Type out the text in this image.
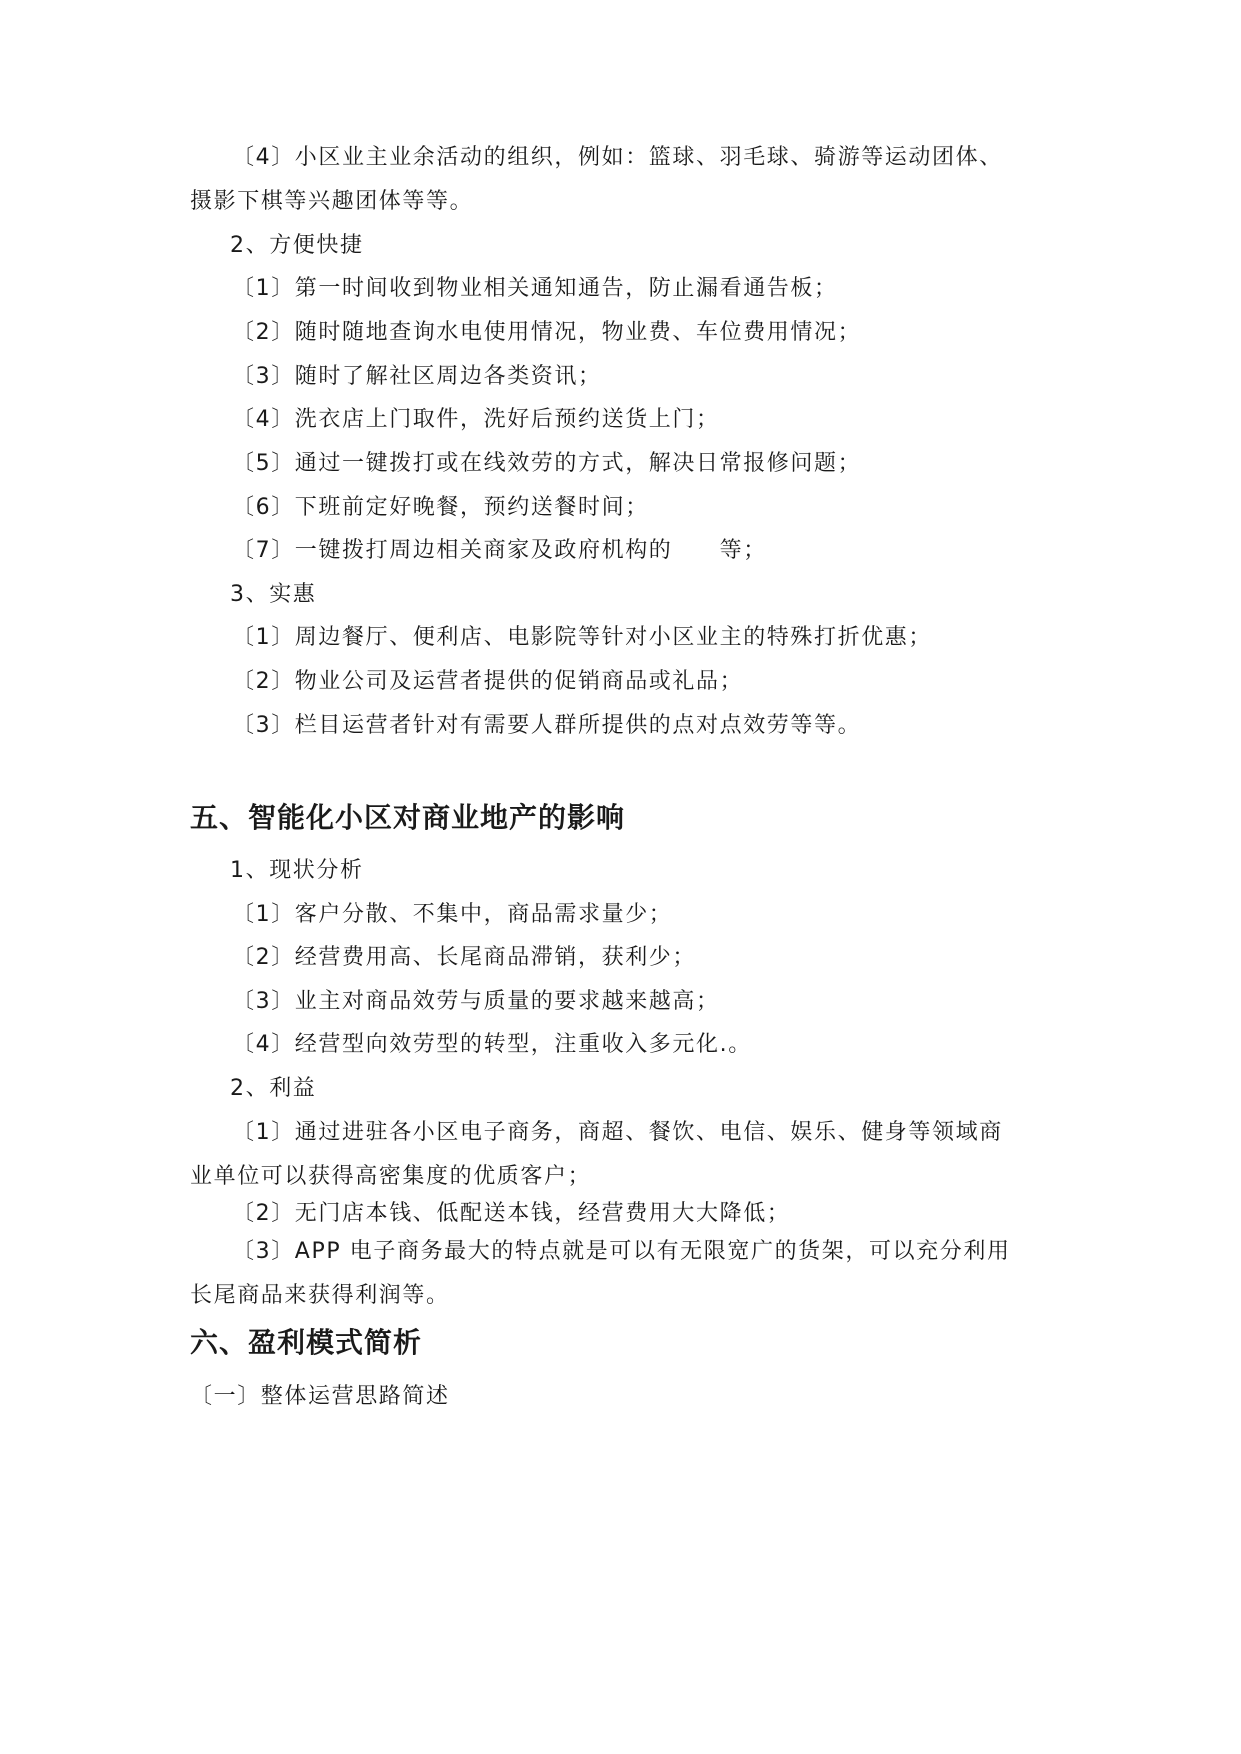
〔4〕小区业主业余活动的组织，例如：篮球、羽毛球、骑游等运动团体、
摄影下棋等兴趣团体等等。
2、方便快捷
〔1〕第一时间收到物业相关通知通告，防止漏看通告板；
〔2〕随时随地查询水电使用情况，物业费、车位费用情况；
〔3〕随时了解社区周边各类资讯；
〔4〕洗衣店上门取件，洗好后预约送货上门；
〔5〕通过一键拨打或在线效劳的方式，解决日常报修问题；
〔6〕下班前定好晚餐，预约送餐时间；
〔7〕一键拨打周边相关商家及政府机构的　　等；
3、实惠
〔1〕周边餐厅、便利店、电影院等针对小区业主的特殊打折优惠；
〔2〕物业公司及运营者提供的促销商品或礼品；
〔3〕栏目运营者针对有需要人群所提供的点对点效劳等等。
五、智能化小区对商业地产的影响
1、现状分析
〔1〕客户分散、不集中，商品需求量少；
〔2〕经营费用高、长尾商品滞销，获利少；
〔3〕业主对商品效劳与质量的要求越来越高；
〔4〕经营型向效劳型的转型，注重收入多元化.。
2、利益
〔1〕通过进驻各小区电子商务，商超、餐饮、电信、娱乐、健身等领域商
业单位可以获得高密集度的优质客户；
〔2〕无门店本钱、低配送本钱，经营费用大大降低；
〔3〕APP 电子商务最大的特点就是可以有无限宽广的货架，可以充分利用
长尾商品来获得利润等。
六、盈利模式简析
〔一〕整体运营思路简述
